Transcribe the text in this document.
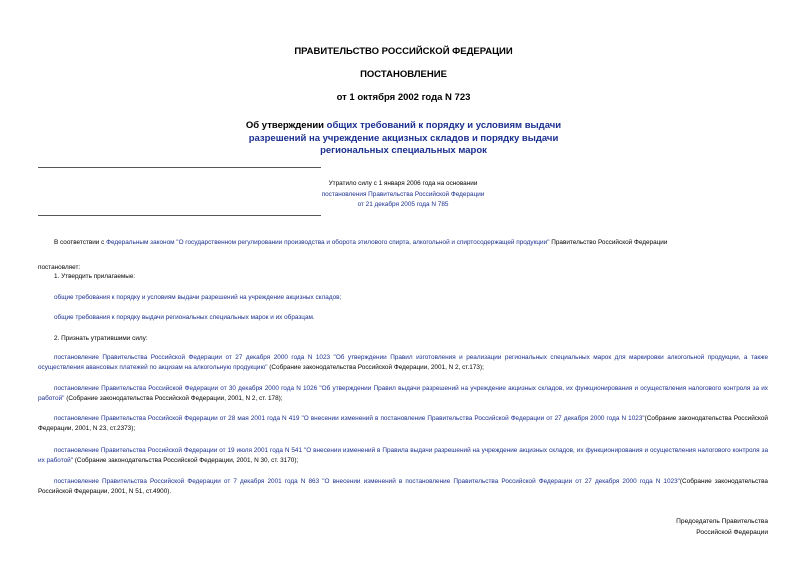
ПРАВИТЕЛЬСТВО РОССИЙСКОЙ ФЕДЕРАЦИИ
ПОСТАНОВЛЕНИЕ
от 1 октября 2002 года N 723
Об утверждении общих требований к порядку и условиям выдачи
разрешений на учреждение акцизных складов и порядку выдачи
региональных специальных марок
Утратило силу с 1 января 2006 года на основании
постановления Правительства Российской Федерации
от 21 декабря 2005 года N 785
В соответствии с Федеральным законом "О государственном регулировании производства и оборота этилового спирта, алкогольной и спиртосодержащей продукции" Правительство Российской Федерации
постановляет:
1. Утвердить прилагаемые:
общие требования к порядку и условиям выдачи разрешений на учреждение акцизных складов;
общие требования к порядку выдачи региональных специальных марок и их образцам.
2. Признать утратившими силу:
постановление Правительства Российской Федерации от 27 декабря 2000 года N 1023 "Об утверждении Правил изготовления и реализации региональных специальных марок для маркировки алкогольной продукции, а также осуществления авансовых платежей по акцизам на алкогольную продукцию" (Собрание законодательства Российской Федерации, 2001, N 2, ст.173);
постановление Правительства Российской Федерации от 30 декабря 2000 года N 1026 "Об утверждении Правил выдачи разрешений на учреждение акцизных складов, их функционирования и осуществления налогового контроля за их работой" (Собрание законодательства Российской Федерации, 2001, N 2, ст. 178);
постановление Правительства Российской Федерации от 28 мая 2001 года N 419 "О внесении изменений в постановление Правительства Российской Федерации от 27 декабря 2000 года N 1023"(Собрание законодательства Российской Федерации, 2001, N 23, ст.2373);
постановление Правительства Российской Федерации от 19 июля 2001 года N 541 "О внесении изменений в Правила выдачи разрешений на учреждение акцизных складов, их функционирования и осуществления налогового контроля за их работой" (Собрание законодательства Российской Федерации, 2001, N 30, ст. 3170);
постановление Правительства Российской Федерации от 7 декабря 2001 года N 863 "О внесении изменений в постановление Правительства Российской Федерации от 27 декабря 2000 года N 1023"(Собрание законодательства Российской Федерации, 2001, N 51, ст.4900).
Председатель Правительства
Российской Федерации
